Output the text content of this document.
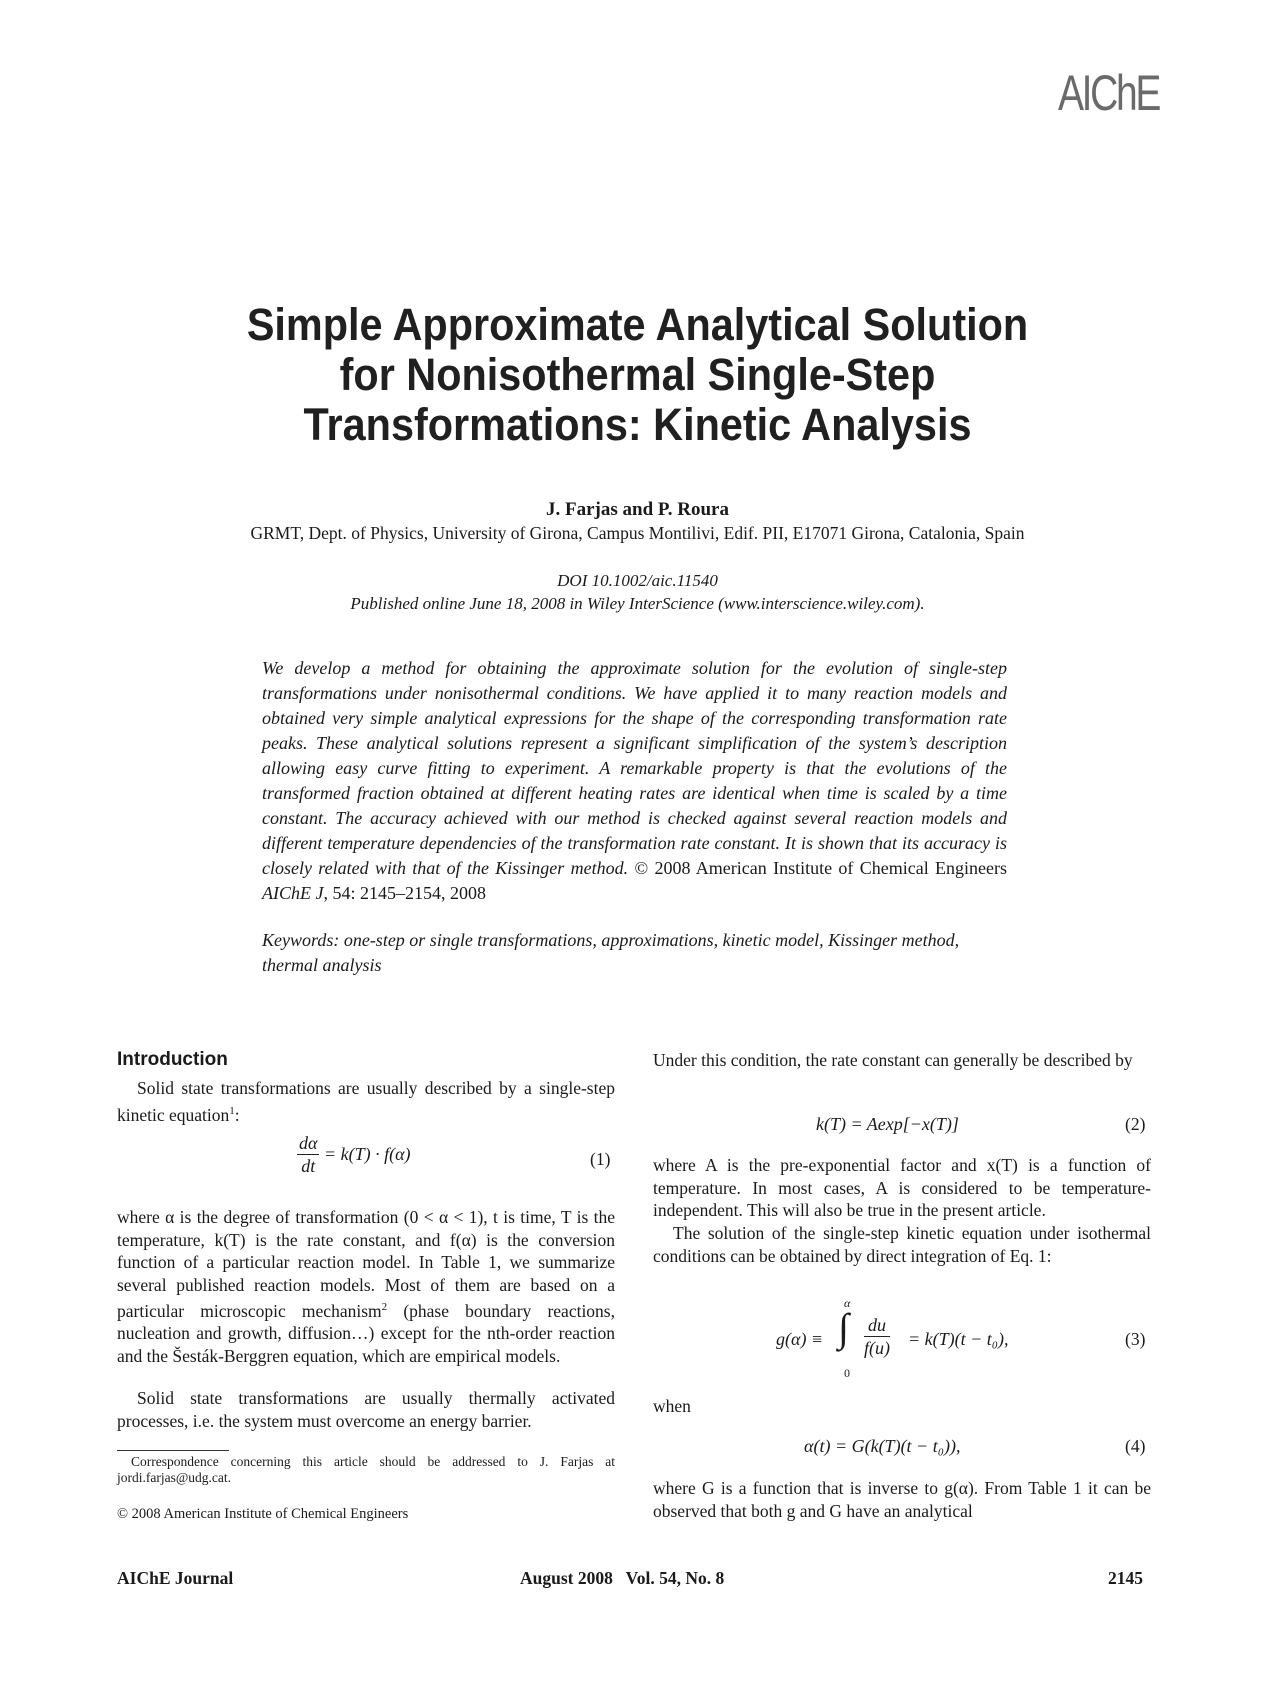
AIChE
Simple Approximate Analytical Solution
for Nonisothermal Single-Step
Transformations: Kinetic Analysis
J. Farjas and P. Roura
GRMT, Dept. of Physics, University of Girona, Campus Montilivi, Edif. PII, E17071 Girona, Catalonia, Spain
DOI 10.1002/aic.11540
Published online June 18, 2008 in Wiley InterScience (www.interscience.wiley.com).
We develop a method for obtaining the approximate solution for the evolution of single-step transformations under nonisothermal conditions. We have applied it to many reaction models and obtained very simple analytical expressions for the shape of the corresponding transformation rate peaks. These analytical solutions represent a significant simplification of the system’s description allowing easy curve fitting to experiment. A remarkable property is that the evolutions of the transformed fraction obtained at different heating rates are identical when time is scaled by a time constant. The accuracy achieved with our method is checked against several reaction models and different temperature dependencies of the transformation rate constant. It is shown that its accuracy is closely related with that of the Kissinger method. © 2008 American Institute of Chemical Engineers AIChE J, 54: 2145–2154, 2008
Keywords: one-step or single transformations, approximations, kinetic model, Kissinger method, thermal analysis
Introduction
Solid state transformations are usually described by a single-step kinetic equation$^1$:
$\frac{d\alpha}{dt} = k(T) \cdot f(\alpha)$	(1)
where α is the degree of transformation (0 < α < 1), t is time, T is the temperature, k(T) is the rate constant, and f(α) is the conversion function of a particular reaction model. In Table 1, we summarize several published reaction models. Most of them are based on a particular microscopic mechanism$^2$ (phase boundary reactions, nucleation and growth, diffusion…) except for the nth-order reaction and the Šesták-Berggren equation, which are empirical models.
Solid state transformations are usually thermally activated processes, i.e. the system must overcome an energy barrier.
Correspondence concerning this article should be addressed to J. Farjas at jordi.farjas@udg.cat.
© 2008 American Institute of Chemical Engineers
Under this condition, the rate constant can generally be described by
k(T) = Aexp[−x(T)]	(2)
where A is the pre-exponential factor and x(T) is a function of temperature. In most cases, A is considered to be temperature-independent. This will also be true in the present article.
The solution of the single-step kinetic equation under isothermal conditions can be obtained by direct integration of Eq. 1:
g(α) ≡
α
∫
0
$\frac{du}{f(u)} = k(T)(t - t_0)$,	(3)
when
α(t) = G(k(T)(t − t₀)),	(4)
where G is a function that is inverse to g(α). From Table 1 it can be observed that both g and G have an analytical
AIChE Journal	August 2008   Vol. 54, No. 8	2145
